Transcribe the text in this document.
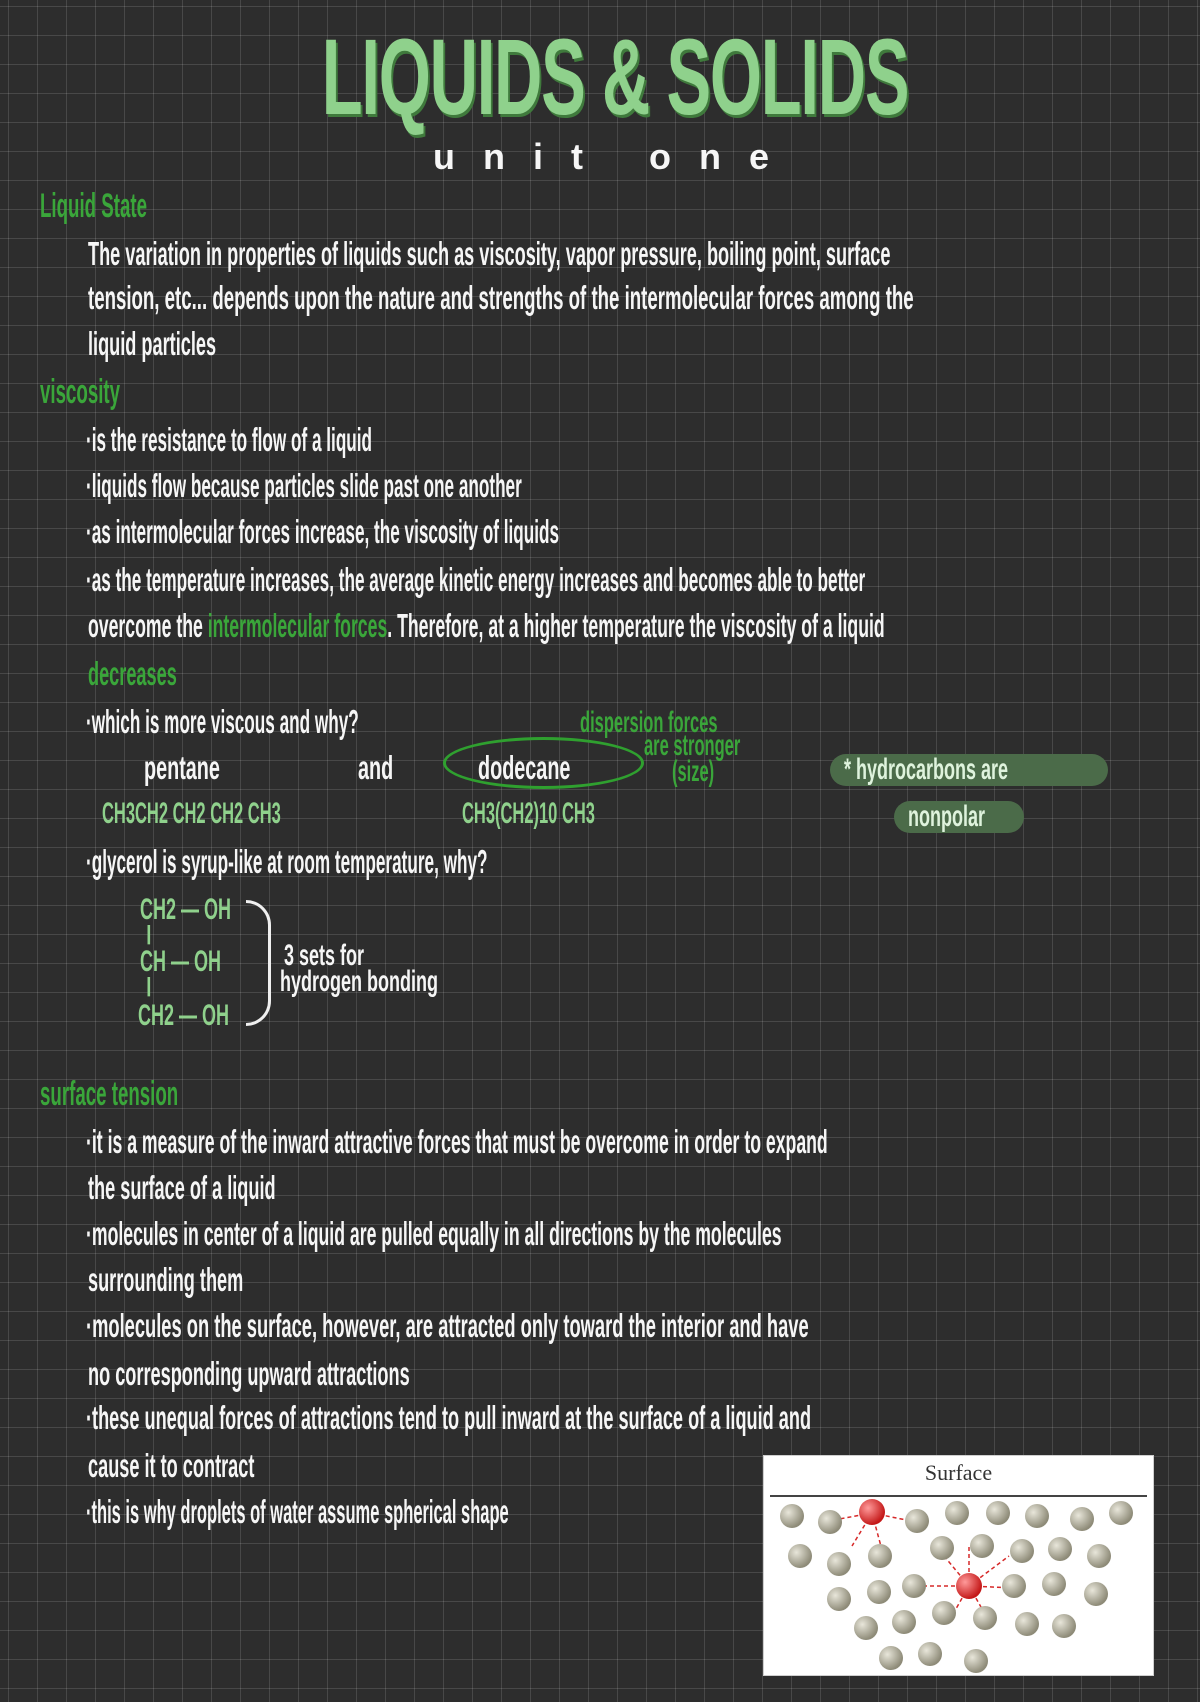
LIQUIDS & SOLIDS
unit one
Liquid State
The variation in properties of liquids such as viscosity, vapor pressure, boiling point, surface
tension, etc... depends upon the nature and strengths of the intermolecular forces among the
liquid particles
viscosity
·is the resistance to flow of a liquid
·liquids flow because particles slide past one another
·as intermolecular forces increase, the viscosity of liquids
·as the temperature increases, the average kinetic energy increases and becomes able to better
overcome the intermolecular forces. Therefore, at a higher temperature the viscosity of a liquid
decreases
·which is more viscous and why?
pentane	and	dodecane
CH3CH2 CH2 CH2 CH3	CH3(CH2)10 CH3
dispersion forces
are stronger
(size)	* hydrocarbons are
nonpolar
·glycerol is syrup-like at room temperature, why?
CH2 — OH
|
CH — OH
|
CH2 — OH
3 sets for
hydrogen bonding
surface tension
·it is a measure of the inward attractive forces that must be overcome in order to expand
the surface of a liquid
·molecules in center of a liquid are pulled equally in all directions by the molecules
surrounding them
·molecules on the surface, however, are attracted only toward the interior and have
no corresponding upward attractions
·these unequal forces of attractions tend to pull inward at the surface of a liquid and
cause it to contract
·this is why droplets of water assume spherical shape
Surface
